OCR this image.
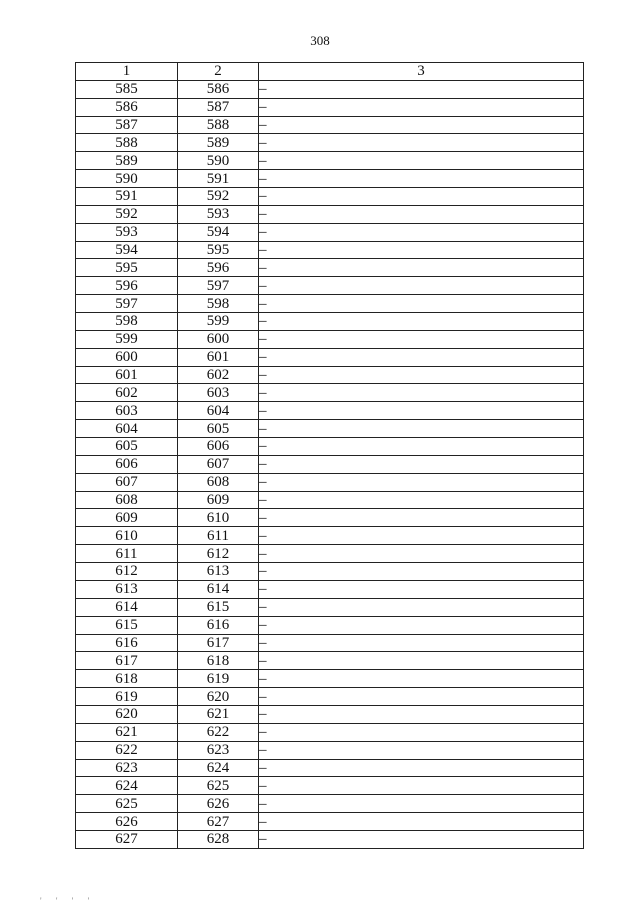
308
1	2	3
585	586	–
586	587	–
587	588	–
588	589	–
589	590	–
590	591	–
591	592	–
592	593	–
593	594	–
594	595	–
595	596	–
596	597	–
597	598	–
598	599	–
599	600	–
600	601	–
601	602	–
602	603	–
603	604	–
604	605	–
605	606	–
606	607	–
607	608	–
608	609	–
609	610	–
610	611	–
611	612	–
612	613	–
613	614	–
614	615	–
615	616	–
616	617	–
617	618	–
618	619	–
619	620	–
620	621	–
621	622	–
622	623	–
623	624	–
624	625	–
625	626	–
626	627	–
627	628	–
' ' ' '
